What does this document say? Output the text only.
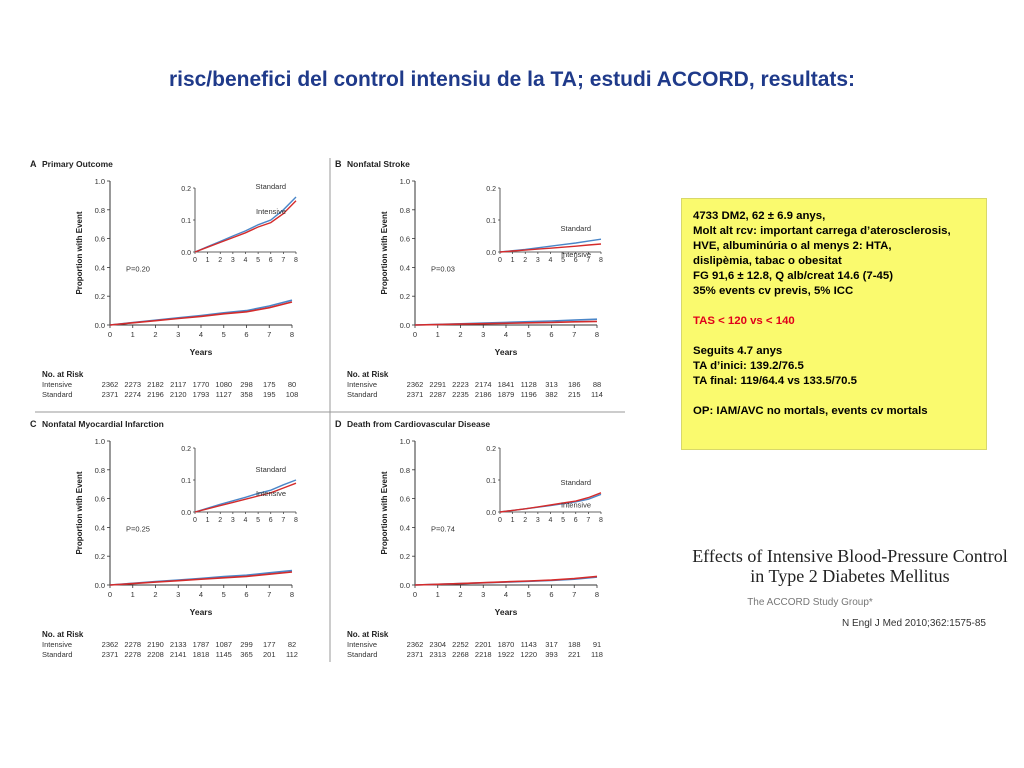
risc/benefici del control intensiu de la TA; estudi ACCORD, resultats:
A Primary Outcome
0.0
0.2
0.4
0.6
0.8
1.0
0 1 2 3 4 5 6 7 8
Years
Proportion with Event	P=0.20
0.0
0.1
0.2
0 1 2 3 4 5 6 7 8
Standard
Intensive
No. at Risk
Intensive	2362 2273 2182 2117 1770 1080 298 175 80
Standard	2371 2274 2196 2120 1793 1127 358 195 108
B Nonfatal Stroke
0.0
0.2
0.4
0.6
0.8
1.0
0 1 2 3 4 5 6 7 8
Years
Proportion with Event	P=0.03
0.0
0.1
0.2
0 1 2 3 4 5 6 7 8
Standard
Intensive
No. at Risk
Intensive	2362 2291 2223 2174 1841 1128 313 186 88
Standard	2371 2287 2235 2186 1879 1196 382 215 114
C Nonfatal Myocardial Infarction
0.0
0.2
0.4
0.6
0.8
1.0
0 1 2 3 4 5 6 7 8
Years
Proportion with Event	P=0.25
0.0
0.1
0.2
0 1 2 3 4 5 6 7 8
Standard
Intensive
No. at Risk
Intensive	2362 2278 2190 2133 1787 1087 299 177 82
Standard	2371 2278 2208 2141 1818 1145 365 201 112
D Death from Cardiovascular Disease
0.0
0.2
0.4
0.6
0.8
1.0
0 1 2 3 4 5 6 7 8
Years
Proportion with Event	P=0.74
0.0
0.1
0.2
0 1 2 3 4 5 6 7 8
Standard
Intensive
No. at Risk
Intensive	2362 2304 2252 2201 1870 1143 317 188 91
Standard	2371 2313 2268 2218 1922 1220 393 221 118
4733 DM2, 62 ± 6.9 anys,
Molt alt rcv: important carrega d’aterosclerosis,
HVE, albuminúria o al menys 2: HTA,
dislipèmia, tabac o obesitat
FG 91,6 ± 12.8, Q alb/creat 14.6 (7-45)
35% events cv previs, 5% ICC
TAS < 120 vs < 140
Seguits 4.7 anys
TA d’inici: 139.2/76.5
TA final: 119/64.4 vs 133.5/70.5
OP: IAM/AVC no mortals, events cv mortals
Effects of Intensive Blood-Pressure Control
in Type 2 Diabetes Mellitus
The ACCORD Study Group*
N Engl J Med 2010;362:1575-85
